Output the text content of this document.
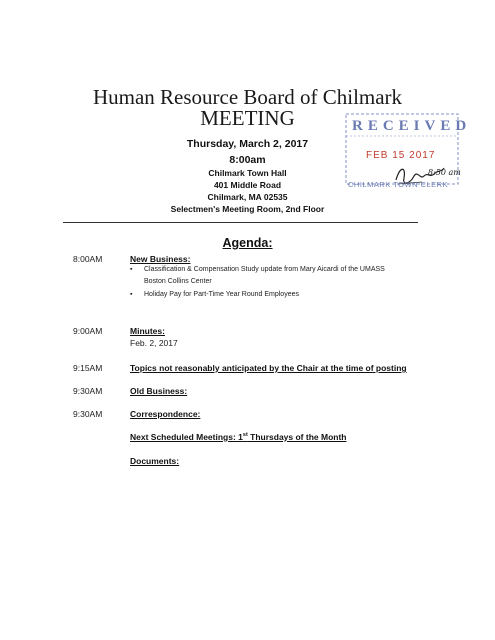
Human Resource Board of Chilmark
MEETING
Thursday, March 2, 2017
8:00am
Chilmark Town Hall
401 Middle Road
Chilmark, MA 02535
Selectmen's Meeting Room, 2nd Floor
RECEIVED
FEB 15 2017
8:50 am
CHILMARK TOWN CLERK
Agenda:
8:00AM	New Business:
▪ Classification & Compensation Study update from Mary Aicardi of the UMASS
Boston Collins Center
▪ Holiday Pay for Part-Time Year Round Employees
9:00AM	Minutes:
Feb. 2, 2017
9:15AM	Topics not reasonably anticipated by the Chair at the time of posting
9:30AM	Old Business:
9:30AM	Correspondence:
Next Scheduled Meetings: 1st Thursdays of the Month
Documents:
